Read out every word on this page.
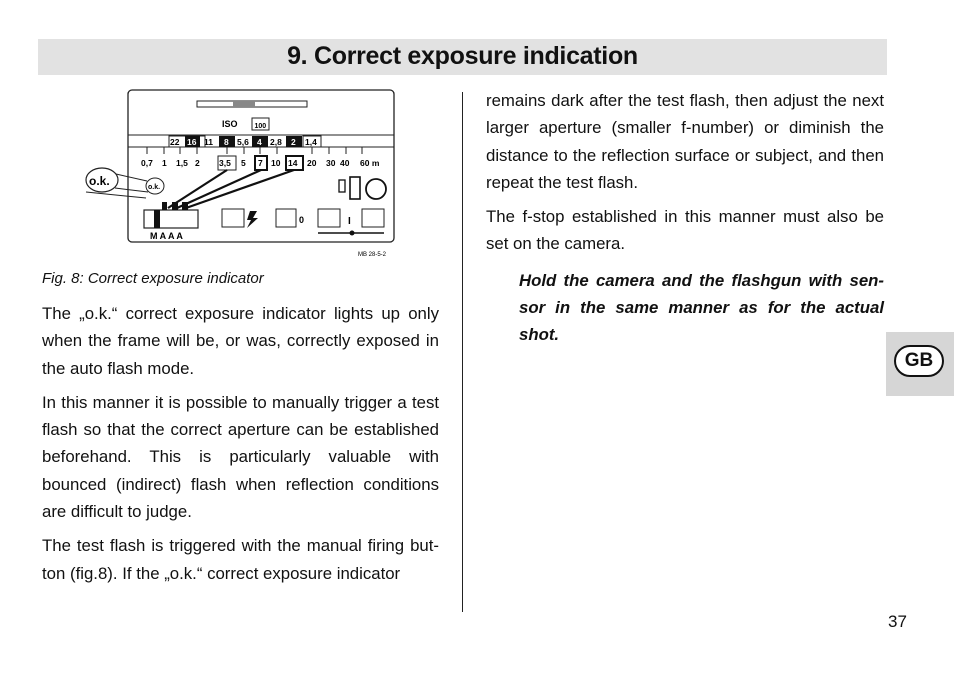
9. Correct exposure indication
ISO 100
22 16 11 8 5,6 4 2,8 2 1,4
0,7 1 1,5 2 3,5 5 7 10 14 20 30 40 60 m
o.k.	o.k.
M A A A
0	I
MB 28-5-2
Fig. 8: Correct exposure indicator

The „o.k.“ correct exposure indicator lights up only when the frame will be, or was, correctly exposed in the auto flash mode.

In this manner it is possible to manually trigger a test flash so that the correct aperture can be established beforehand. This is particularly valuable with bounced (indirect) flash when reflection conditions are difficult to judge.

The test flash is triggered with the manual firing but-ton (fig.8). If the „o.k.“ correct exposure indicator

remains dark after the test flash, then adjust the next larger aperture (smaller f-number) or diminish the distance to the reflection surface or subject, and then repeat the test flash.

The f-stop established in this manner must also be set on the camera.

Hold the camera and the flashgun with sen-sor in the same manner as for the actual shot.

GB
37
